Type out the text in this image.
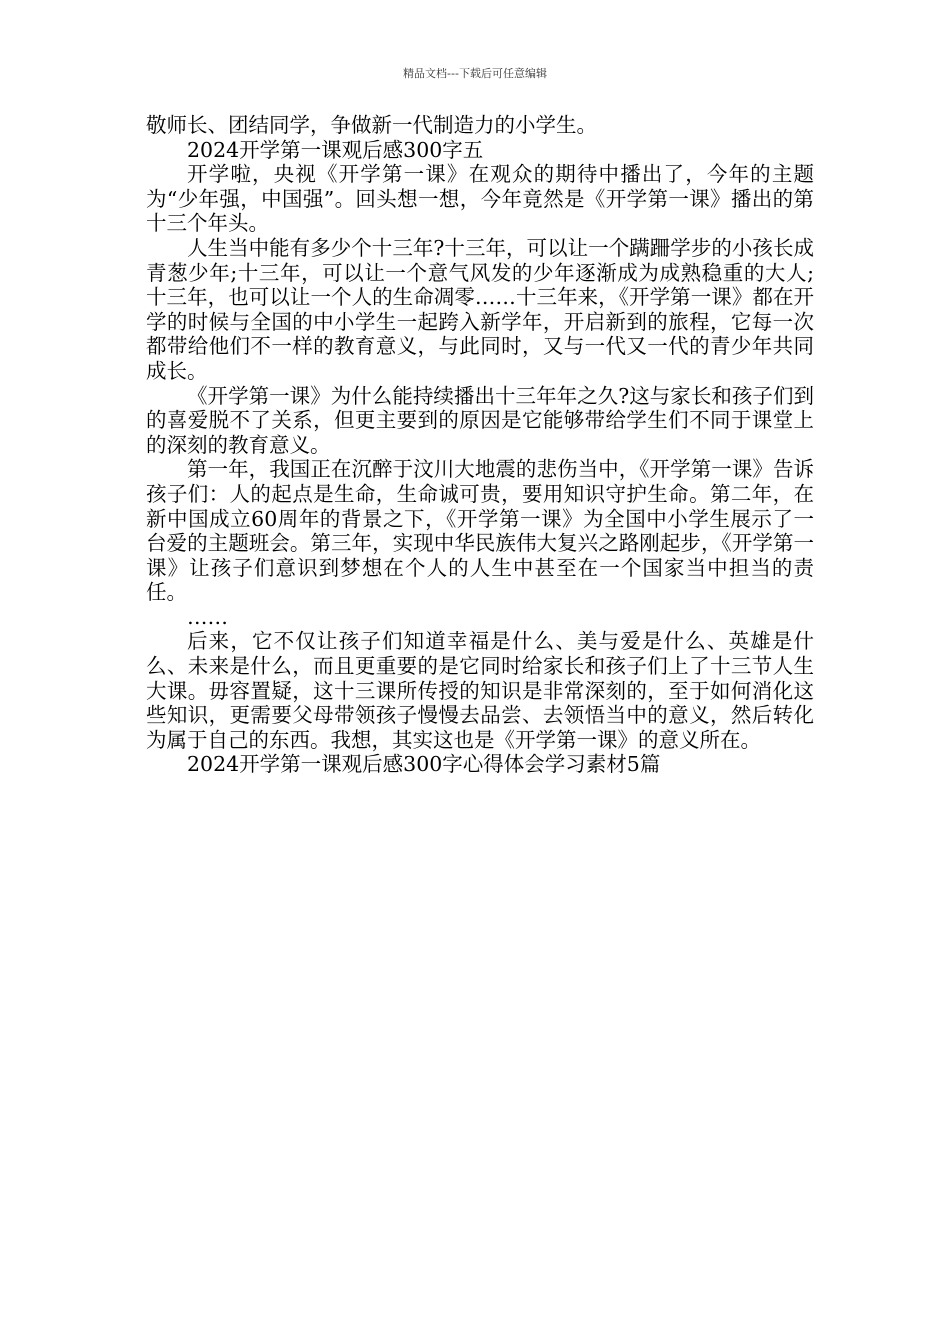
精品文档---下载后可任意编辑

敬师长、团结同学，争做新一代制造力的小学生。

2024开学第一课观后感300字五

开学啦，央视《开学第一课》在观众的期待中播出了，今年的主题为“少年强，中国强”。回头想一想，今年竟然是《开学第一课》播出的第十三个年头。

人生当中能有多少个十三年?十三年，可以让一个蹒跚学步的小孩长成青葱少年;十三年，可以让一个意气风发的少年逐渐成为成熟稳重的大人;十三年，也可以让一个人的生命凋零……十三年来，《开学第一课》都在开学的时候与全国的中小学生一起跨入新学年，开启新到的旅程，它每一次都带给他们不一样的教育意义，与此同时，又与一代又一代的青少年共同成长。

《开学第一课》为什么能持续播出十三年年之久?这与家长和孩子们到的喜爱脱不了关系，但更主要到的原因是它能够带给学生们不同于课堂上的深刻的教育意义。

第一年，我国正在沉醉于汶川大地震的悲伤当中，《开学第一课》告诉孩子们：人的起点是生命，生命诚可贵，要用知识守护生命。第二年，在新中国成立60周年的背景之下，《开学第一课》为全国中小学生展示了一台爱的主题班会。第三年，实现中华民族伟大复兴之路刚起步，《开学第一课》让孩子们意识到梦想在个人的人生中甚至在一个国家当中担当的责任。

……

后来，它不仅让孩子们知道幸福是什么、美与爱是什么、英雄是什么、未来是什么，而且更重要的是它同时给家长和孩子们上了十三节人生大课。毋容置疑，这十三课所传授的知识是非常深刻的，至于如何消化这些知识，更需要父母带领孩子慢慢去品尝、去领悟当中的意义，然后转化为属于自己的东西。我想，其实这也是《开学第一课》的意义所在。

2024开学第一课观后感300字心得体会学习素材5篇
